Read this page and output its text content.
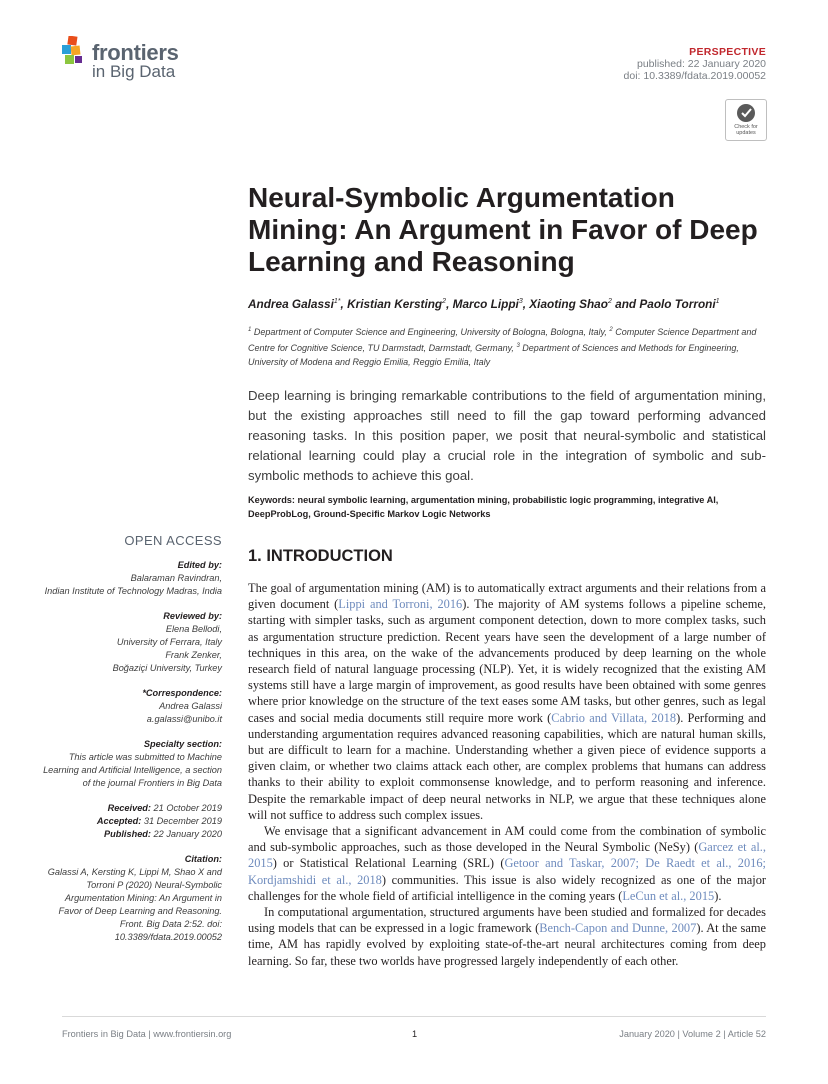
frontiers
in Big Data
PERSPECTIVE
published: 22 January 2020
doi: 10.3389/fdata.2019.00052
Check for updates
Neural-Symbolic Argumentation Mining: An Argument in Favor of Deep Learning and Reasoning
Andrea Galassi$^{1*}$, Kristian Kersting$^2$, Marco Lippi$^3$, Xiaoting Shao$^2$ and Paolo Torroni$^1$
$^1$ Department of Computer Science and Engineering, University of Bologna, Bologna, Italy, $^2$ Computer Science Department and Centre for Cognitive Science, TU Darmstadt, Darmstadt, Germany, $^3$ Department of Sciences and Methods for Engineering, University of Modena and Reggio Emilia, Reggio Emilia, Italy
Deep learning is bringing remarkable contributions to the field of argumentation mining, but the existing approaches still need to fill the gap toward performing advanced reasoning tasks. In this position paper, we posit that neural-symbolic and statistical relational learning could play a crucial role in the integration of symbolic and sub-symbolic methods to achieve this goal.
Keywords: neural symbolic learning, argumentation mining, probabilistic logic programming, integrative AI, DeepProbLog, Ground-Specific Markov Logic Networks
OPEN ACCESS
Edited by:
Balaraman Ravindran,
Indian Institute of Technology Madras, India
Reviewed by:
Elena Bellodi,
University of Ferrara, Italy
Frank Zenker,
Boğaziçi University, Turkey
*Correspondence:
Andrea Galassi
a.galassi@unibo.it
Specialty section:
This article was submitted to Machine Learning and Artificial Intelligence, a section of the journal Frontiers in Big Data
Received: 21 October 2019
Accepted: 31 December 2019
Published: 22 January 2020
Citation:
Galassi A, Kersting K, Lippi M, Shao X and Torroni P (2020) Neural-Symbolic Argumentation Mining: An Argument in Favor of Deep Learning and Reasoning. Front. Big Data 2:52. doi: 10.3389/fdata.2019.00052
1. INTRODUCTION

The goal of argumentation mining (AM) is to automatically extract arguments and their relations from a given document (Lippi and Torroni, 2016). The majority of AM systems follows a pipeline scheme, starting with simpler tasks, such as argument component detection, down to more complex tasks, such as argumentation structure prediction. Recent years have seen the development of a large number of techniques in this area, on the wake of the advancements produced by deep learning on the whole research field of natural language processing (NLP). Yet, it is widely recognized that the existing AM systems still have a large margin of improvement, as good results have been obtained with some genres where prior knowledge on the structure of the text eases some AM tasks, but other genres, such as legal cases and social media documents still require more work (Cabrio and Villata, 2018). Performing and understanding argumentation requires advanced reasoning capabilities, which are natural human skills, but are difficult to learn for a machine. Understanding whether a given piece of evidence supports a given claim, or whether two claims attack each other, are complex problems that humans can address thanks to their ability to exploit commonsense knowledge, and to perform reasoning and inference. Despite the remarkable impact of deep neural networks in NLP, we argue that these techniques alone will not suffice to address such complex issues.

We envisage that a significant advancement in AM could come from the combination of symbolic and sub-symbolic approaches, such as those developed in the Neural Symbolic (NeSy) (Garcez et al., 2015) or Statistical Relational Learning (SRL) (Getoor and Taskar, 2007; De Raedt et al., 2016; Kordjamshidi et al., 2018) communities. This issue is also widely recognized as one of the major challenges for the whole field of artificial intelligence in the coming years (LeCun et al., 2015).

In computational argumentation, structured arguments have been studied and formalized for decades using models that can be expressed in a logic framework (Bench-Capon and Dunne, 2007). At the same time, AM has rapidly evolved by exploiting state-of-the-art neural architectures coming from deep learning. So far, these two worlds have progressed largely independently of each other.

Frontiers in Big Data | www.frontiersin.org	1	January 2020 | Volume 2 | Article 52
